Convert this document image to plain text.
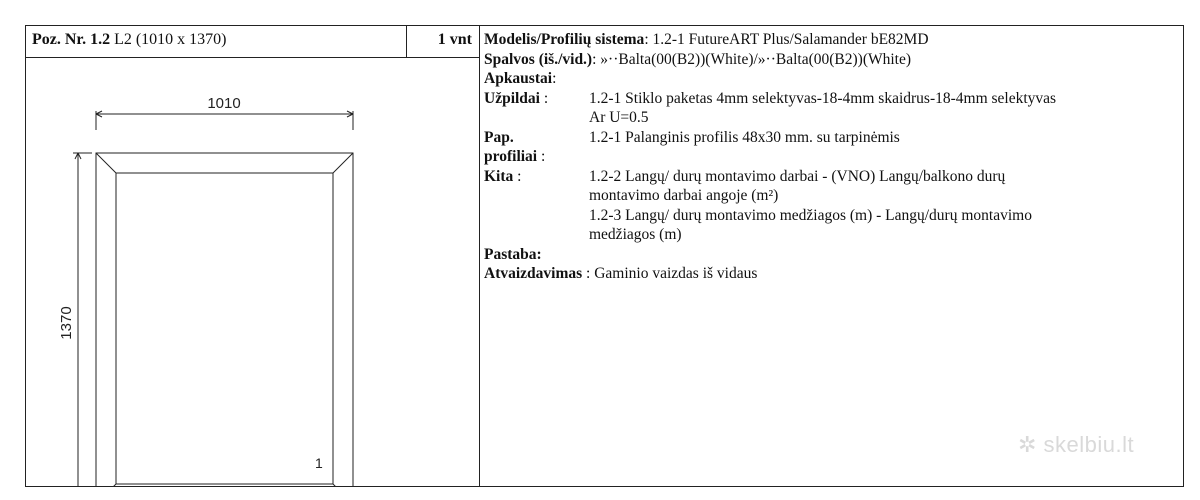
Poz. Nr. 1.2 L2 (1010 x 1370)	1 vnt
1010
1370
1
Modelis/Profilių sistema: 1.2-1 FutureART Plus/Salamander bE82MD
Spalvos (iš./vid.): »··Balta(00(B2))(White)/»··Balta(00(B2))(White)
Apkaustai:
Užpildai :	1.2-1 Stiklo paketas 4mm selektyvas-18-4mm skaidrus-18-4mm selektyvas
Ar U=0.5
Pap.
profiliai :
1.2-1 Palanginis profilis 48x30 mm. su tarpinėmis
Kita :	1.2-2 Langų/ durų montavimo darbai - (VNO) Langų/balkono durų
montavimo darbai angoje (m²)
1.2-3 Langų/ durų montavimo medžiagos (m) - Langų/durų montavimo
medžiagos (m)
Pastaba:
Atvaizdavimas : Gaminio vaizdas iš vidaus
✲ skelbiu.lt
